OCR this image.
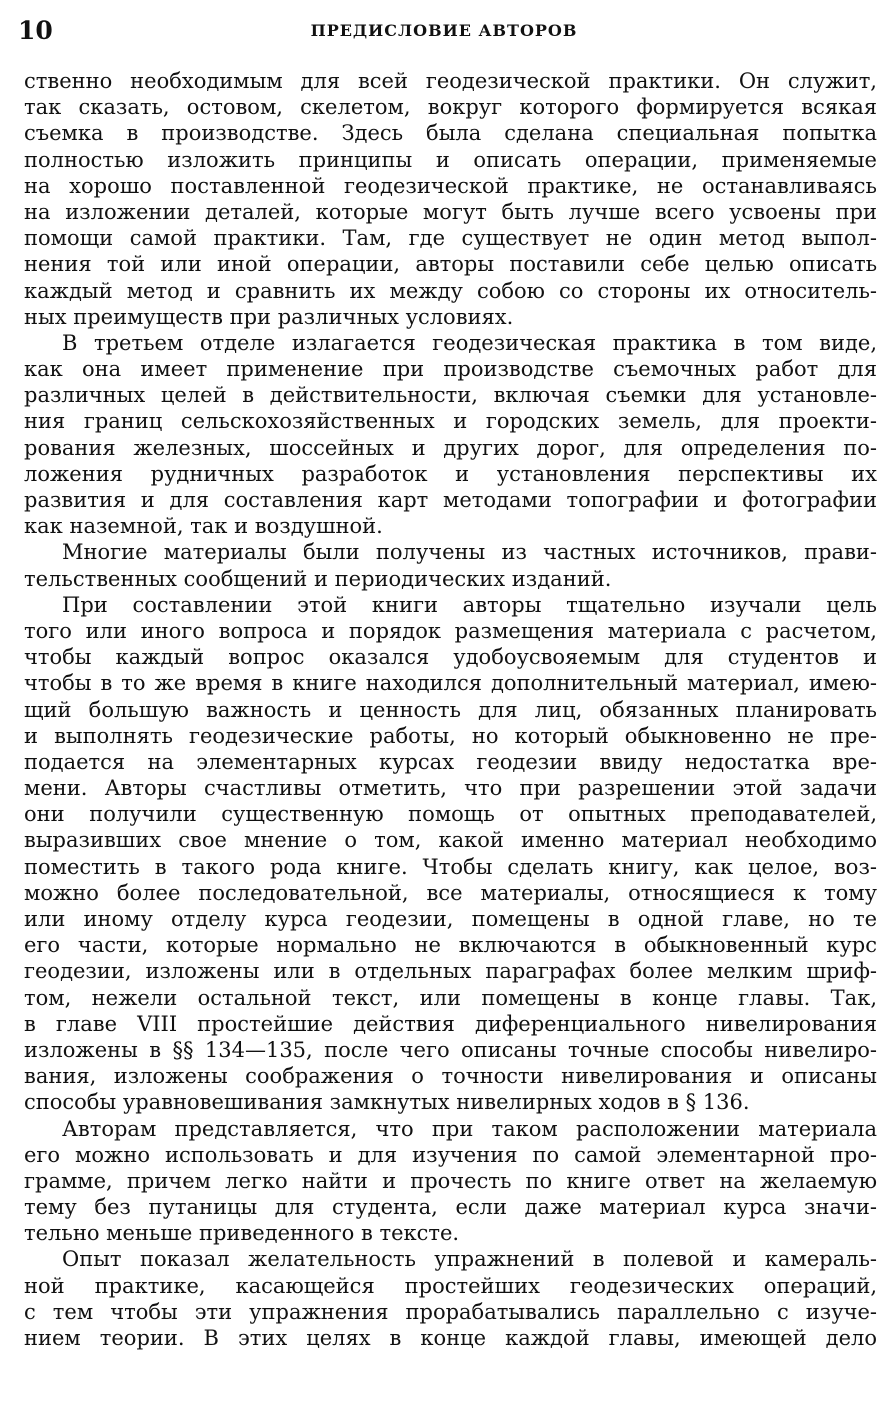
10	ПРЕДИСЛОВИЕ АВТОРОВ
ственно необходимым для всей геодезической практики. Он служит,
так сказать, остовом, скелетом, вокруг которого формируется всякая
съемка в производстве. Здесь была сделана специальная попытка
полностью изложить принципы и описать операции, применяемые
на хорошо поставленной геодезической практике, не останавливаясь
на изложении деталей, которые могут быть лучше всего усвоены при
помощи самой практики. Там, где существует не один метод выпол-
нения той или иной операции, авторы поставили себе целью описать
каждый метод и сравнить их между собою со стороны их относитель-
ных преимуществ при различных условиях.
В третьем отделе излагается геодезическая практика в том виде,
как она имеет применение при производстве съемочных работ для
различных целей в действительности, включая съемки для установле-
ния границ сельскохозяйственных и городских земель, для проекти-
рования железных, шоссейных и других дорог, для определения по-
ложения рудничных разработок и установления перспективы их
развития и для составления карт методами топографии и фотографии
как наземной, так и воздушной.
Многие материалы были получены из частных источников, прави-
тельственных сообщений и периодических изданий.
При составлении этой книги авторы тщательно изучали цель
того или иного вопроса и порядок размещения материала с расчетом,
чтобы каждый вопрос оказался удобоусвояемым для студентов и
чтобы в то же время в книге находился дополнительный материал, имею-
щий большую важность и ценность для лиц, обязанных планировать
и выполнять геодезические работы, но который обыкновенно не пре-
подается на элементарных курсах геодезии ввиду недостатка вре-
мени. Авторы счастливы отметить, что при разрешении этой задачи
они получили существенную помощь от опытных преподавателей,
выразивших свое мнение о том, какой именно материал необходимо
поместить в такого рода книге. Чтобы сделать книгу, как целое, воз-
можно более последовательной, все материалы, относящиеся к тому
или иному отделу курса геодезии, помещены в одной главе, но те
его части, которые нормально не включаются в обыкновенный курс
геодезии, изложены или в отдельных параграфах более мелким шриф-
том, нежели остальной текст, или помещены в конце главы. Так,
в главе VIII простейшие действия диференциального нивелирования
изложены в §§ 134—135, после чего описаны точные способы нивелиро-
вания, изложены соображения о точности нивелирования и описаны
способы уравновешивания замкнутых нивелирных ходов в § 136.
Авторам представляется, что при таком расположении материала
его можно использовать и для изучения по самой элементарной про-
грамме, причем легко найти и прочесть по книге ответ на желаемую
тему без путаницы для студента, если даже материал курса значи-
тельно меньше приведенного в тексте.
Опыт показал желательность упражнений в полевой и камераль-
ной практике, касающейся простейших геодезических операций,
с тем чтобы эти упражнения прорабатывались параллельно с изуче-
нием теории. В этих целях в конце каждой главы, имеющей дело
